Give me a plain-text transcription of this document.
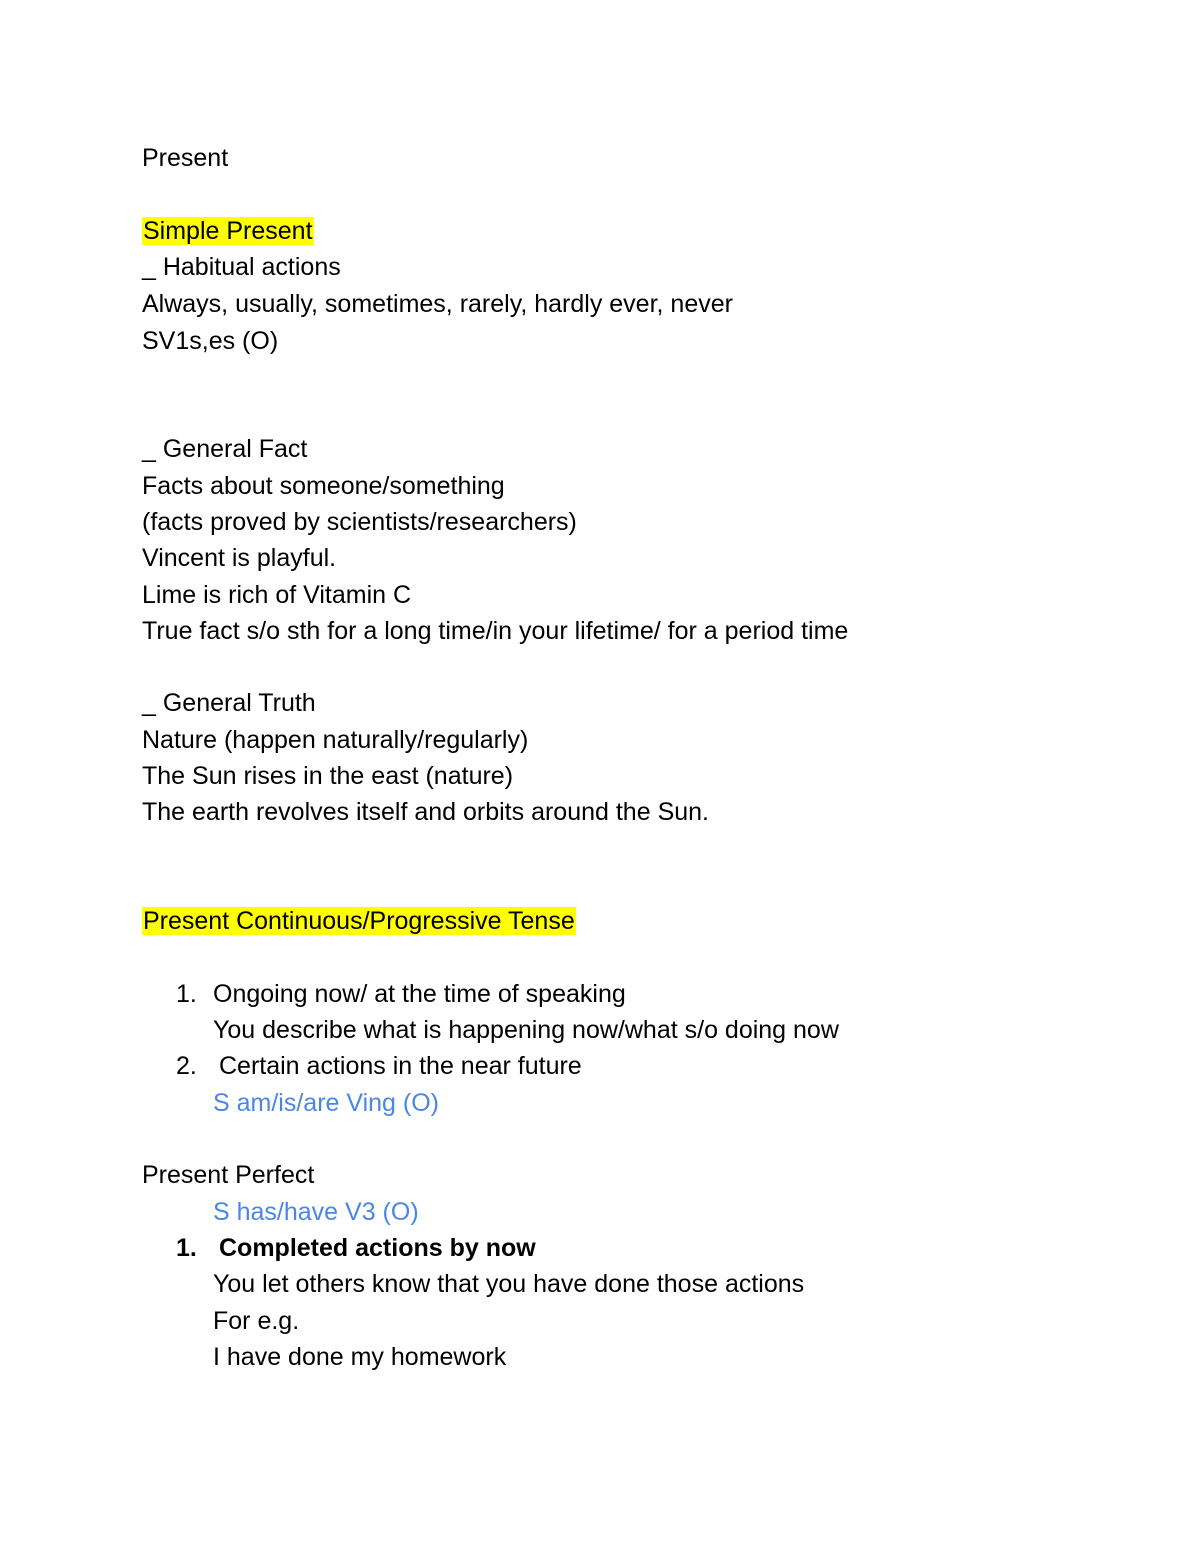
Present
Simple Present
_ Habitual actions
Always, usually, sometimes, rarely, hardly ever, never
SV1s,es (O)
_ General Fact
Facts about someone/something
(facts proved by scientists/researchers)
Vincent is playful.
Lime is rich of Vitamin C
True fact s/o sth for a long time/in your lifetime/ for a period time
_ General Truth
Nature (happen naturally/regularly)
The Sun rises in the east (nature)
The earth revolves itself and orbits around the Sun.
Present Continuous/Progressive Tense
1. Ongoing now/ at the time of speaking
You describe what is happening now/what s/o doing now
2. Certain actions in the near future
S am/is/are Ving (O)
Present Perfect
S has/have V3 (O)
1. Completed actions by now
You let others know that you have done those actions
For e.g.
I have done my homework
